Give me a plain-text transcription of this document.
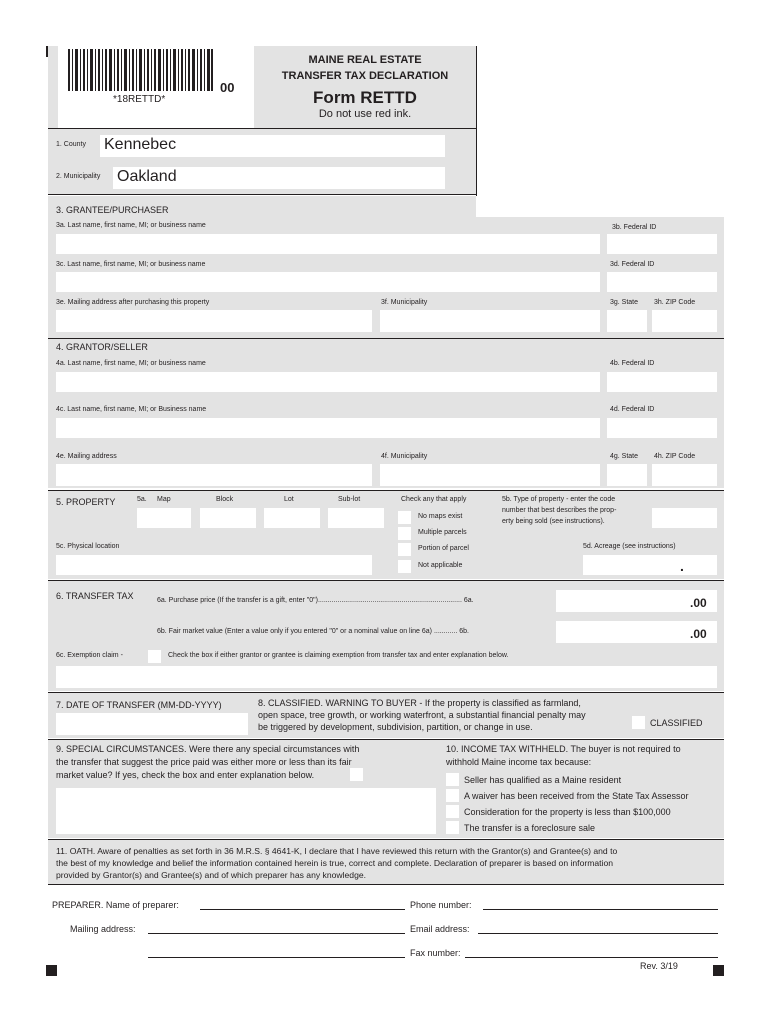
00
*18RETTD*
MAINE REAL ESTATE
TRANSFER TAX DECLARATION
Form RETTD
Do not use red ink.
1. County Kennebec
2. Municipality Oakland
3. GRANTEE/PURCHASER
3a. Last name, first name, MI; or business name	3b. Federal ID
3c. Last name, first name, MI; or business name	3d. Federal ID
3e. Mailing address after purchasing this property	3f. Municipality	3g. State 3h. ZIP Code
4. GRANTOR/SELLER
4a. Last name, first name, MI; or business name	4b. Federal ID
4c. Last name, first name, MI; or Business name	4d. Federal ID
4e. Mailing address	4f. Municipality	4g. State 4h. ZIP Code
5. PROPERTY	5a. Map	Block	Lot	Sub-lot	Check any that apply
No maps exist
Multiple parcels
Portion of parcel
Not applicable
5b. Type of property - enter the code
number that best describes the prop-
erty being sold (see instructions).
5c. Physical location	5d. Acreage (see instructions)
.
6. TRANSFER TAX	6a. Purchase price (If the transfer is a gift, enter "0").......................................................................... 6a.	.00
6b. Fair market value (Enter a value only if you entered "0" or a nominal value on line 6a) ............ 6b.	.00
6c. Exemption claim -	Check the box if either grantor or grantee is claiming exemption from transfer tax and enter explanation below.
7. DATE OF TRANSFER (MM-DD-YYYY)	8. CLASSIFIED. WARNING TO BUYER - If the property is classified as farmland,
open space, tree growth, or working waterfront, a substantial financial penalty may
be triggered by development, subdivision, partition, or change in use.	CLASSIFIED
9. SPECIAL CIRCUMSTANCES. Were there any special circumstances with
the transfer that suggest the price paid was either more or less than its fair
market value? If yes, check the box and enter explanation below.
10. INCOME TAX WITHHELD. The buyer is not required to
withhold Maine income tax because:
Seller has qualified as a Maine resident
A waiver has been received from the State Tax Assessor
Consideration for the property is less than $100,000
The transfer is a foreclosure sale
11. OATH. Aware of penalties as set forth in 36 M.R.S. § 4641-K, I declare that I have reviewed this return with the Grantor(s) and Grantee(s) and to
the best of my knowledge and belief the information contained herein is true, correct and complete. Declaration of preparer is based on information
provided by Grantor(s) and Grantee(s) and of which preparer has any knowledge.
PREPARER. Name of preparer:	Phone number:
Mailing address:	Email address:
Fax number:
Rev. 3/19
